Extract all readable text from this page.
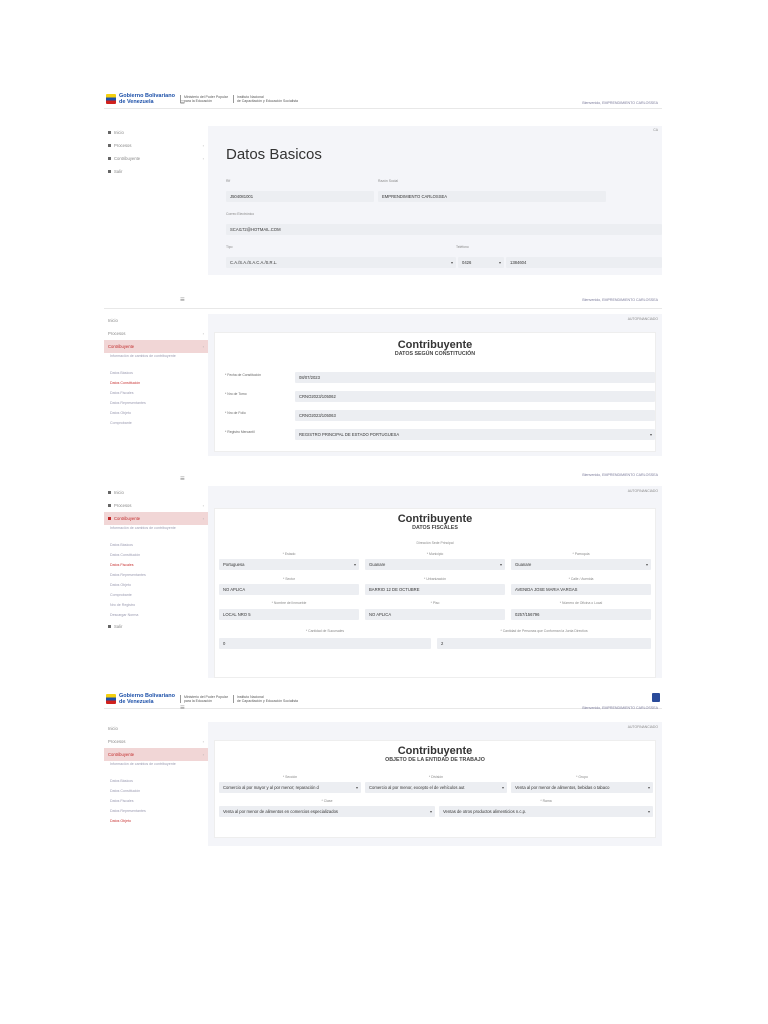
Gobierno Bolivariano
de Venezuela
Ministerio del Poder Popular
para la Educación
Instituto Nacional
de Capacitación y Educación Socialista
≡	Bienvenido, EMPRENDIMIENTO CARLOSSEA
Inicio
Procesos	›
Contribuyente	›
Salir
CA
Datos Basicos
Rif
J504081001
Razón Social
EMPRENDIMIENTO CARLOSSEA
Correo Electrónico
SCAI172@HOTMAIL.COM
Tipo
C.A./S.A./S.A.C.A./S.R.L.	▾
Teléfono
0426	▾	1384604
≡	Bienvenido, EMPRENDIMIENTO CARLOSSEA
Inicio
Procesos	›
Contribuyente	›
Información de cambios de contribuyente
Datos Básicos
Datos Constitución
Datos Fiscales
Datos Representantes
Datos Objeto
Comprobante
AUTOFINANCIADO
Contribuyente
DATOS SEGÚN CONSTITUCIÓN
* Fecha de Constitución	08/07/2023
* Nro de Tomo	CRNO2023/105062
* Nro de Folio	CRNO2023/105063
* Registro Mercantil	REGISTRO PRINCIPAL DE ESTADO PORTUGUESA	▾
≡	Bienvenido, EMPRENDIMIENTO CARLOSSEA
Inicio
Procesos	›
Contribuyente	›
Información de cambios de contribuyente
Datos Básicos
Datos Constitución
Datos Fiscales
Datos Representantes
Datos Objeto
Comprobante
Nro de Registro
Descargar Norma
Salir
AUTOFINANCIADO
Contribuyente
DATOS FISCALES
Dirección Sede Principal
* Estado
Portuguesa	▾
* Municipio
Guanare	▾
* Parroquia
Guanare	▾
* Sector
NO APLICA
* Urbanización
BARRIO 12 DE OCTUBRE
* Calle / Avenida
AVENIDA JOSE MARIA VARGAS
* Nombre del Inmueble
LOCAL NRO 5
* Piso
NO APLICA
* Número de Oficina o Local
0257/156796
* Cantidad de Sucursales
0
* Cantidad de Personas que Conforman la Junta Directiva
2
Gobierno Bolivariano
de Venezuela
Ministerio del Poder Popular
para la Educación
Instituto Nacional
de Capacitación y Educación Socialista
≡	Bienvenido, EMPRENDIMIENTO CARLOSSEA
Inicio
Procesos	›
Contribuyente	›
Información de cambios de contribuyente
Datos Básicos
Datos Constitución
Datos Fiscales
Datos Representantes
Datos Objeto
AUTOFINANCIADO
Contribuyente
OBJETO DE LA ENTIDAD DE TRABAJO
* Sección
Comercio al por mayor y al por menor; reparación d	▾
* División
Comercio al por menor, excepto el de vehículos aut	▾
* Grupo
Venta al por menor de alimentos, bebidas o tabaco	▾
* Clase
Venta al por menor de alimentos en comercios especializados	▾
* Rama
Ventas de otros productos alimenticios n.c.p.	▾
